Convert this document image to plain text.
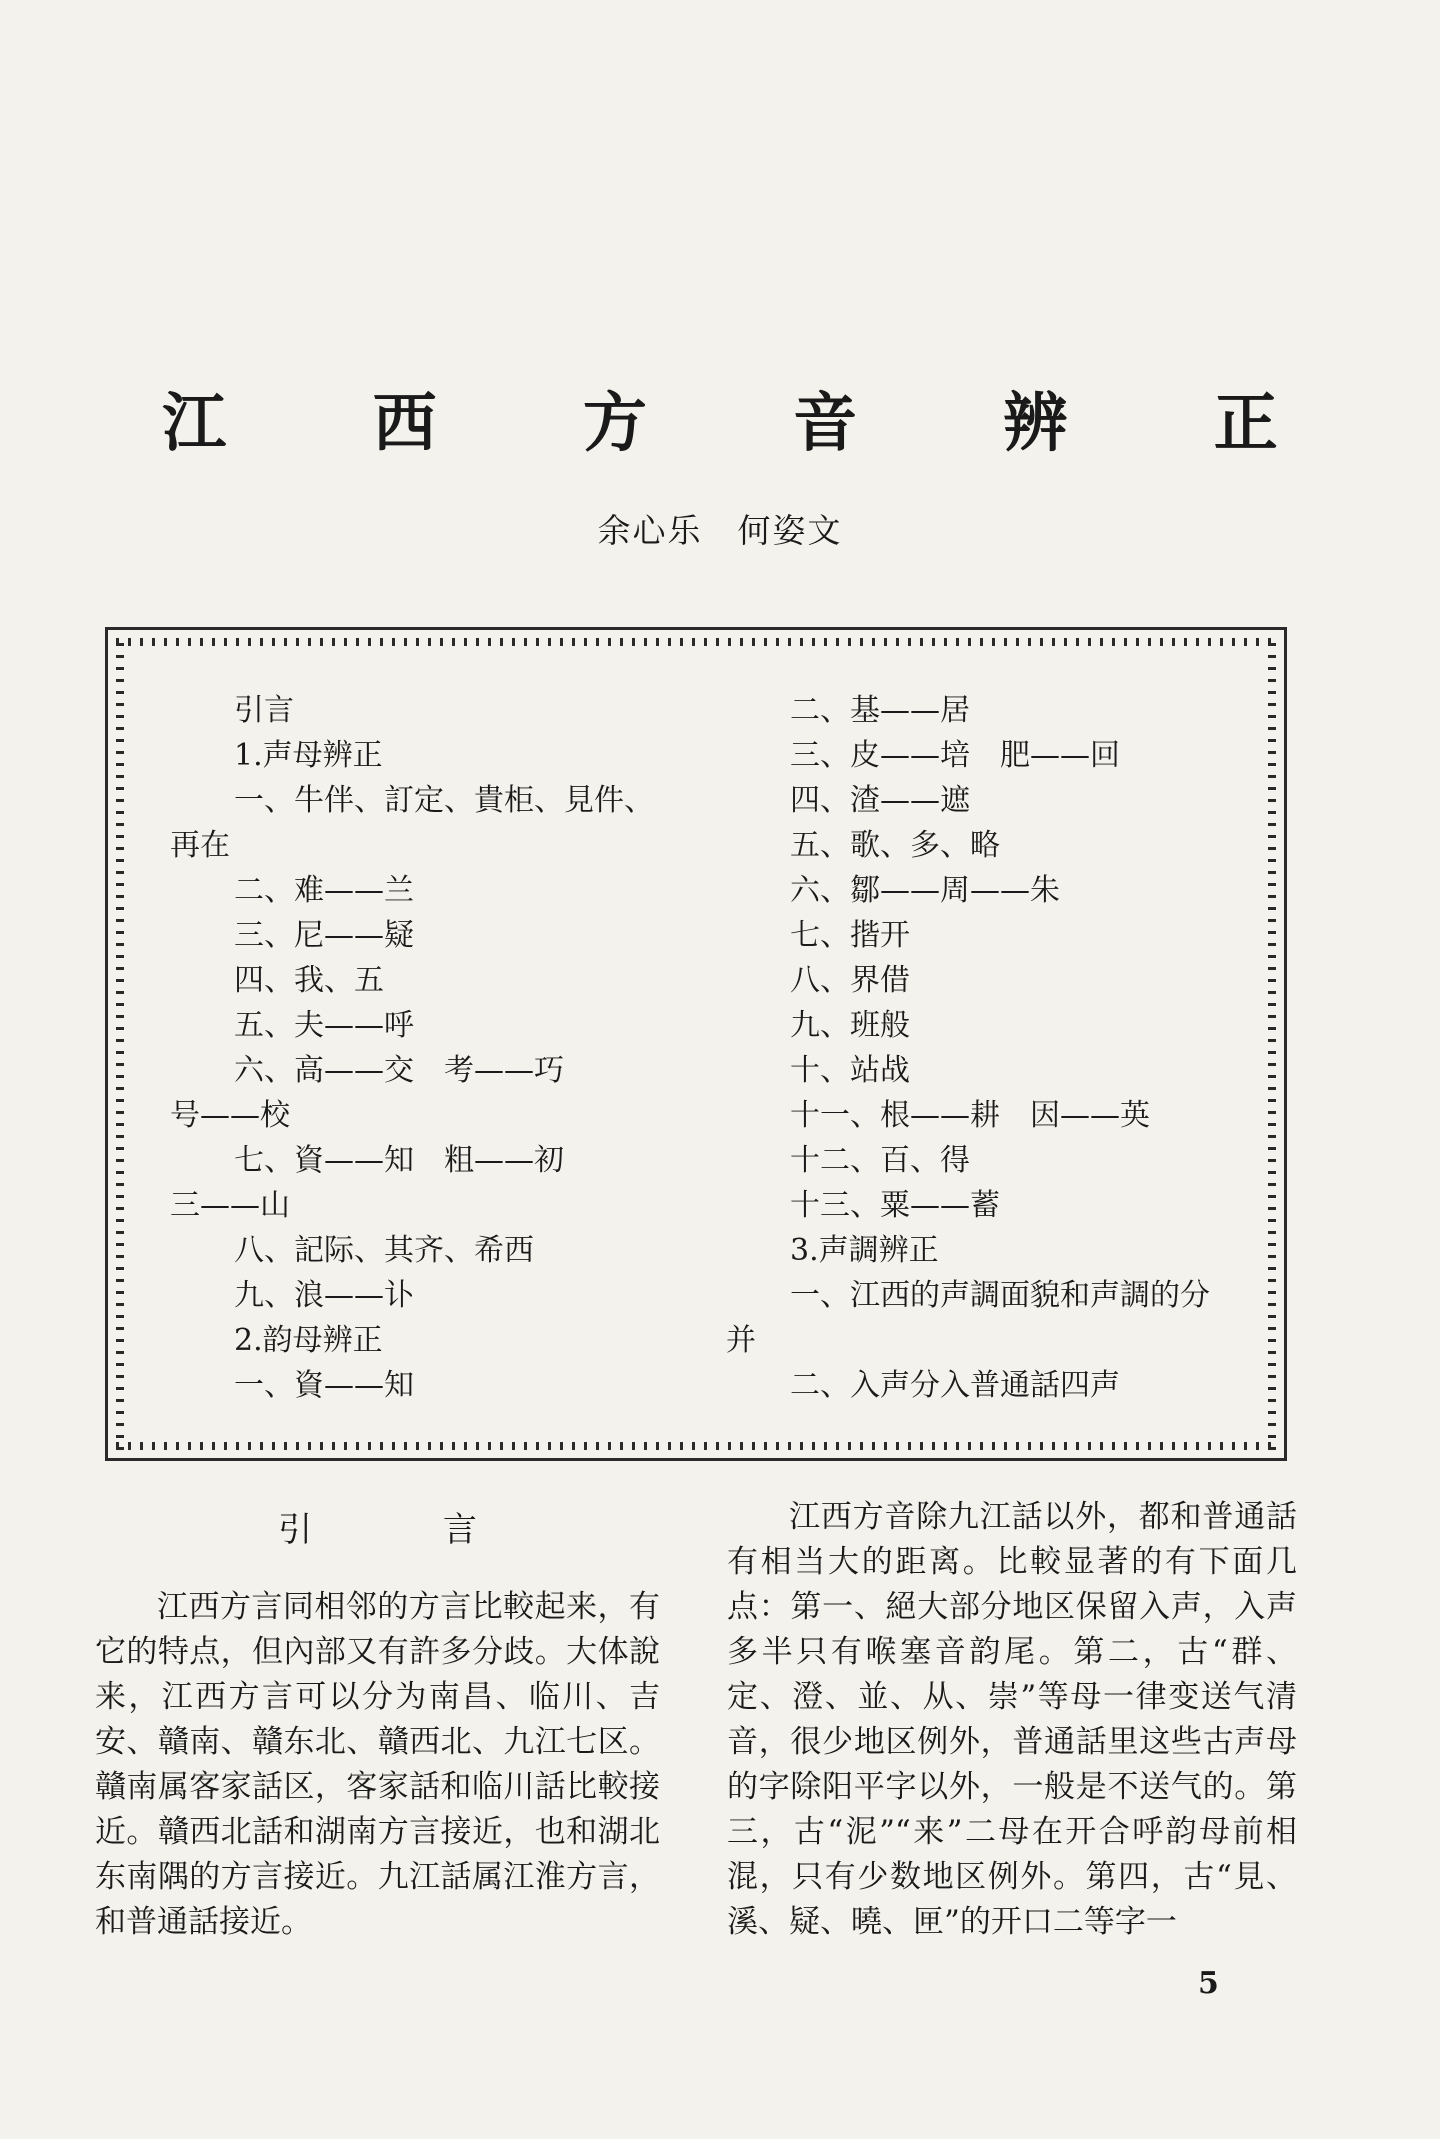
江 西 方 音 辨 正
余心乐　何姿文
引言
1.声母辨正
一、牛伴、訂定、貴柜、見件、
再在
二、难——兰
三、尼——疑
四、我、五
五、夫——呼
六、高——交　考——巧
号——校
七、資——知　粗——初
三——山
八、記际、其齐、希西
九、浪——讣
2.韵母辨正
一、資——知
二、基——居
三、皮——培　肥——回
四、渣——遮
五、歌、多、略
六、鄒——周——朱
七、揩开
八、界借
九、班般
十、站战
十一、根——耕　因——英
十二、百、得
十三、粟——蓄
3.声調辨正
一、江西的声調面貌和声調的分
并
二、入声分入普通話四声
引 言

江西方言同相邻的方言比較起来，有它的特点，但內部又有許多分歧。大体說来，江西方言可以分为南昌、临川、吉安、贛南、贛东北、贛西北、九江七区。贛南属客家話区，客家話和临川話比較接近。贛西北話和湖南方言接近，也和湖北东南隅的方言接近。九江話属江淮方言，和普通話接近。

江西方音除九江話以外，都和普通話有相当大的距离。比較显著的有下面几点：第一、絕大部分地区保留入声，入声多半只有喉塞音韵尾。第二，古“群、定、澄、並、从、崇”等母一律变送气清音，很少地区例外，普通話里这些古声母的字除阳平字以外，一般是不送气的。第三，古“泥”“来”二母在开合呼韵母前相混，只有少数地区例外。第四，古“見、溪、疑、曉、匣”的开口二等字一

5
